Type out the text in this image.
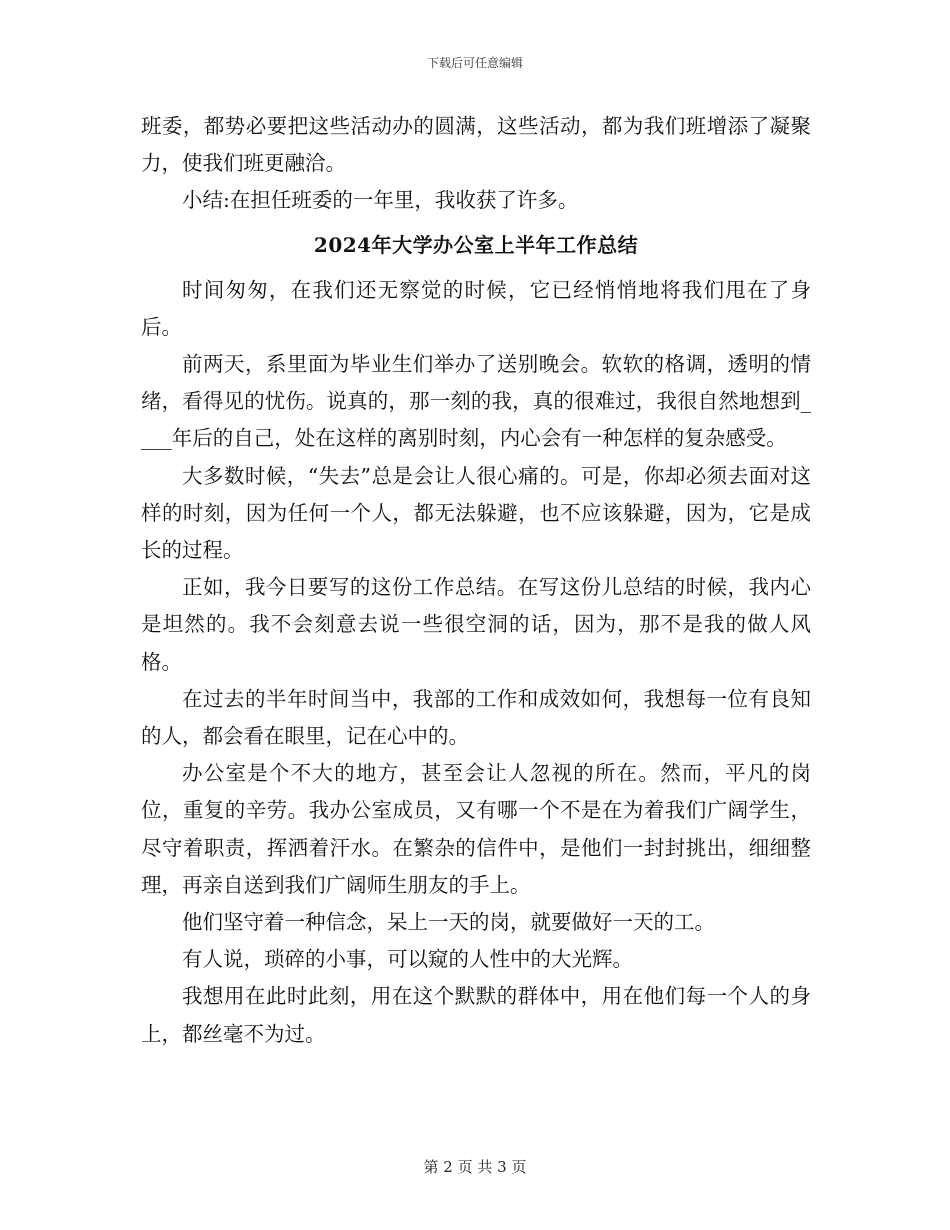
下载后可任意编辑

班委，都势必要把这些活动办的圆满，这些活动，都为我们班增添了凝聚力，使我们班更融洽。

小结:在担任班委的一年里，我收获了许多。

2024年大学办公室上半年工作总结

时间匆匆，在我们还无察觉的时候，它已经悄悄地将我们甩在了身后。

前两天，系里面为毕业生们举办了送别晚会。软软的格调，透明的情绪，看得见的忧伤。说真的，那一刻的我，真的很难过，我很自然地想到____年后的自己，处在这样的离别时刻，内心会有一种怎样的复杂感受。

大多数时候，“失去”总是会让人很心痛的。可是，你却必须去面对这样的时刻，因为任何一个人，都无法躲避，也不应该躲避，因为，它是成长的过程。

正如，我今日要写的这份工作总结。在写这份儿总结的时候，我内心是坦然的。我不会刻意去说一些很空洞的话，因为，那不是我的做人风格。

在过去的半年时间当中，我部的工作和成效如何，我想每一位有良知的人，都会看在眼里，记在心中的。

办公室是个不大的地方，甚至会让人忽视的所在。然而，平凡的岗位，重复的辛劳。我办公室成员，又有哪一个不是在为着我们广阔学生，尽守着职责，挥洒着汗水。在繁杂的信件中，是他们一封封挑出，细细整理，再亲自送到我们广阔师生朋友的手上。

他们坚守着一种信念，呆上一天的岗，就要做好一天的工。

有人说，琐碎的小事，可以窥的人性中的大光辉。

我想用在此时此刻，用在这个默默的群体中，用在他们每一个人的身上，都丝毫不为过。

第 2 页 共 3 页
